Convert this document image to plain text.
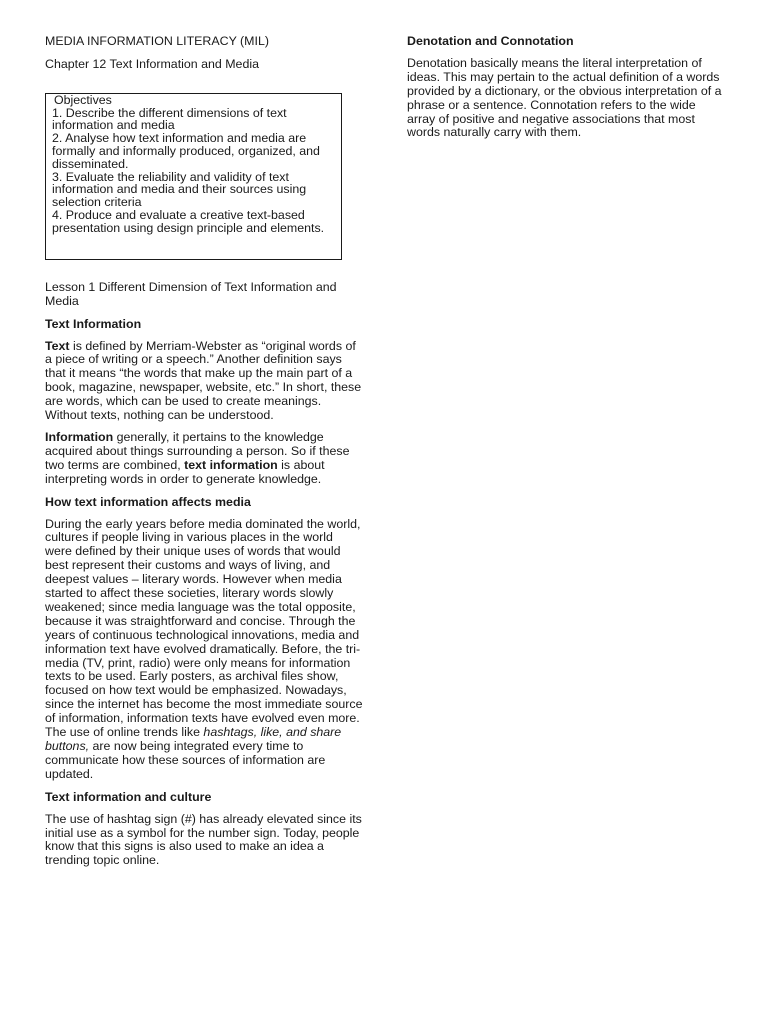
MEDIA INFORMATION LITERACY (MIL)
Chapter 12 Text Information and Media
Objectives
1. Describe the different dimensions of text information and media
2. Analyse how text information and media are formally and informally produced, organized, and disseminated.
3. Evaluate the reliability and validity of text information and media and their sources using selection criteria
4. Produce and evaluate a creative text-based presentation using design principle and elements.
Lesson 1 Different Dimension of Text Information and Media
Text Information
Text is defined by Merriam-Webster as “original words of a piece of writing or a speech.” Another definition says that it means “the words that make up the main part of a book, magazine, newspaper, website, etc.” In short, these are words, which can be used to create meanings. Without texts, nothing can be understood.
Information generally, it pertains to the knowledge acquired about things surrounding a person. So if these two terms are combined, text information is about interpreting words in order to generate knowledge.
How text information affects media
During the early years before media dominated the world, cultures if people living in various places in the world were defined by their unique uses of words that would best represent their customs and ways of living, and deepest values – literary words. However when media started to affect these societies, literary words slowly weakened; since media language was the total opposite, because it was straightforward and concise. Through the years of continuous technological innovations, media and information text have evolved dramatically. Before, the tri-media (TV, print, radio) were only means for information texts to be used. Early posters, as archival files show, focused on how text would be emphasized. Nowadays, since the internet has become the most immediate source of information, information texts have evolved even more. The use of online trends like hashtags, like, and share buttons, are now being integrated every time to communicate how these sources of information are updated.
Text information and culture
The use of hashtag sign (#) has already elevated since its initial use as a symbol for the number sign. Today, people know that this signs is also used to make an idea a trending topic online.
Denotation and Connotation
Denotation basically means the literal interpretation of ideas. This may pertain to the actual definition of a words provided by a dictionary, or the obvious interpretation of a phrase or a sentence. Connotation refers to the wide array of positive and negative associations that most words naturally carry with them.
